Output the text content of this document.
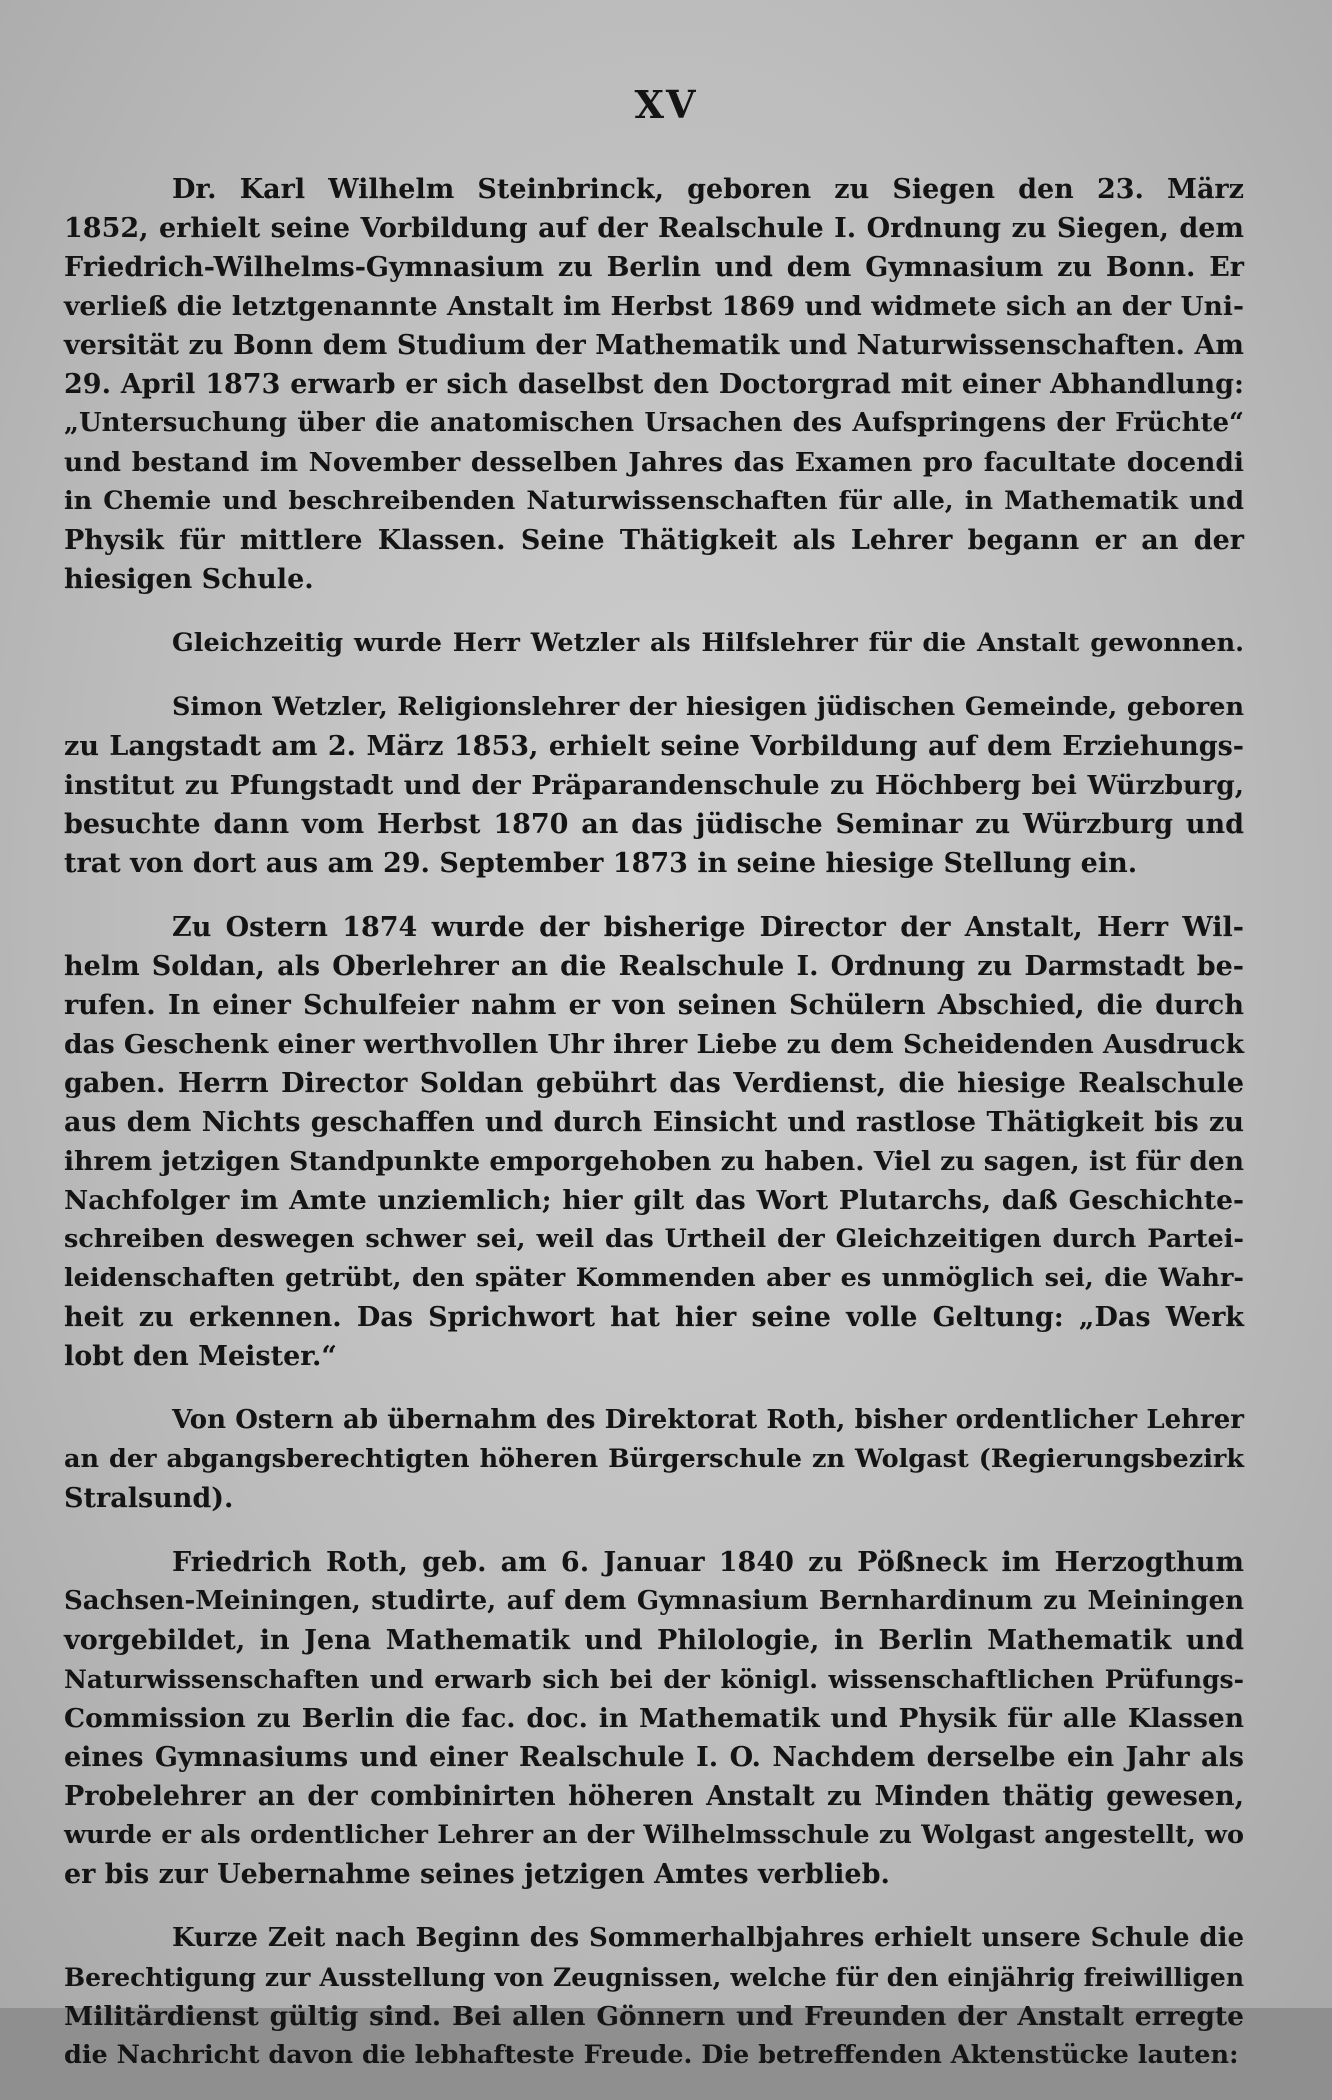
XV
Dr. Karl Wilhelm Steinbrinck, geboren zu Siegen den 23. März
1852, erhielt seine Vorbildung auf der Realschule I. Ordnung zu Siegen, dem
Friedrich-Wilhelms-Gymnasium zu Berlin und dem Gymnasium zu Bonn. Er
verließ die letztgenannte Anstalt im Herbst 1869 und widmete sich an der Uni-
versität zu Bonn dem Studium der Mathematik und Naturwissenschaften. Am
29. April 1873 erwarb er sich daselbst den Doctorgrad mit einer Abhandlung:
„Untersuchung über die anatomischen Ursachen des Aufspringens der Früchte“
und bestand im November desselben Jahres das Examen pro facultate docendi
in Chemie und beschreibenden Naturwissenschaften für alle, in Mathematik und
Physik für mittlere Klassen. Seine Thätigkeit als Lehrer begann er an der
hiesigen Schule.
Gleichzeitig wurde Herr Wetzler als Hilfslehrer für die Anstalt gewonnen.
Simon Wetzler, Religionslehrer der hiesigen jüdischen Gemeinde, geboren
zu Langstadt am 2. März 1853, erhielt seine Vorbildung auf dem Erziehungs-
institut zu Pfungstadt und der Präparandenschule zu Höchberg bei Würzburg,
besuchte dann vom Herbst 1870 an das jüdische Seminar zu Würzburg und
trat von dort aus am 29. September 1873 in seine hiesige Stellung ein.
Zu Ostern 1874 wurde der bisherige Director der Anstalt, Herr Wil-
helm Soldan, als Oberlehrer an die Realschule I. Ordnung zu Darmstadt be-
rufen. In einer Schulfeier nahm er von seinen Schülern Abschied, die durch
das Geschenk einer werthvollen Uhr ihrer Liebe zu dem Scheidenden Ausdruck
gaben. Herrn Director Soldan gebührt das Verdienst, die hiesige Realschule
aus dem Nichts geschaffen und durch Einsicht und rastlose Thätigkeit bis zu
ihrem jetzigen Standpunkte emporgehoben zu haben. Viel zu sagen, ist für den
Nachfolger im Amte unziemlich; hier gilt das Wort Plutarchs, daß Geschichte-
schreiben deswegen schwer sei, weil das Urtheil der Gleichzeitigen durch Partei-
leidenschaften getrübt, den später Kommenden aber es unmöglich sei, die Wahr-
heit zu erkennen. Das Sprichwort hat hier seine volle Geltung: „Das Werk
lobt den Meister.“
Von Ostern ab übernahm des Direktorat Roth, bisher ordentlicher Lehrer
an der abgangsberechtigten höheren Bürgerschule zn Wolgast (Regierungsbezirk
Stralsund).
Friedrich Roth, geb. am 6. Januar 1840 zu Pößneck im Herzogthum
Sachsen-Meiningen, studirte, auf dem Gymnasium Bernhardinum zu Meiningen
vorgebildet, in Jena Mathematik und Philologie, in Berlin Mathematik und
Naturwissenschaften und erwarb sich bei der königl. wissenschaftlichen Prüfungs-
Commission zu Berlin die fac. doc. in Mathematik und Physik für alle Klassen
eines Gymnasiums und einer Realschule I. O. Nachdem derselbe ein Jahr als
Probelehrer an der combinirten höheren Anstalt zu Minden thätig gewesen,
wurde er als ordentlicher Lehrer an der Wilhelmsschule zu Wolgast angestellt, wo
er bis zur Uebernahme seines jetzigen Amtes verblieb.
Kurze Zeit nach Beginn des Sommerhalbjahres erhielt unsere Schule die
Berechtigung zur Ausstellung von Zeugnissen, welche für den einjährig freiwilligen
Militärdienst gültig sind. Bei allen Gönnern und Freunden der Anstalt erregte
die Nachricht davon die lebhafteste Freude. Die betreffenden Aktenstücke lauten:
